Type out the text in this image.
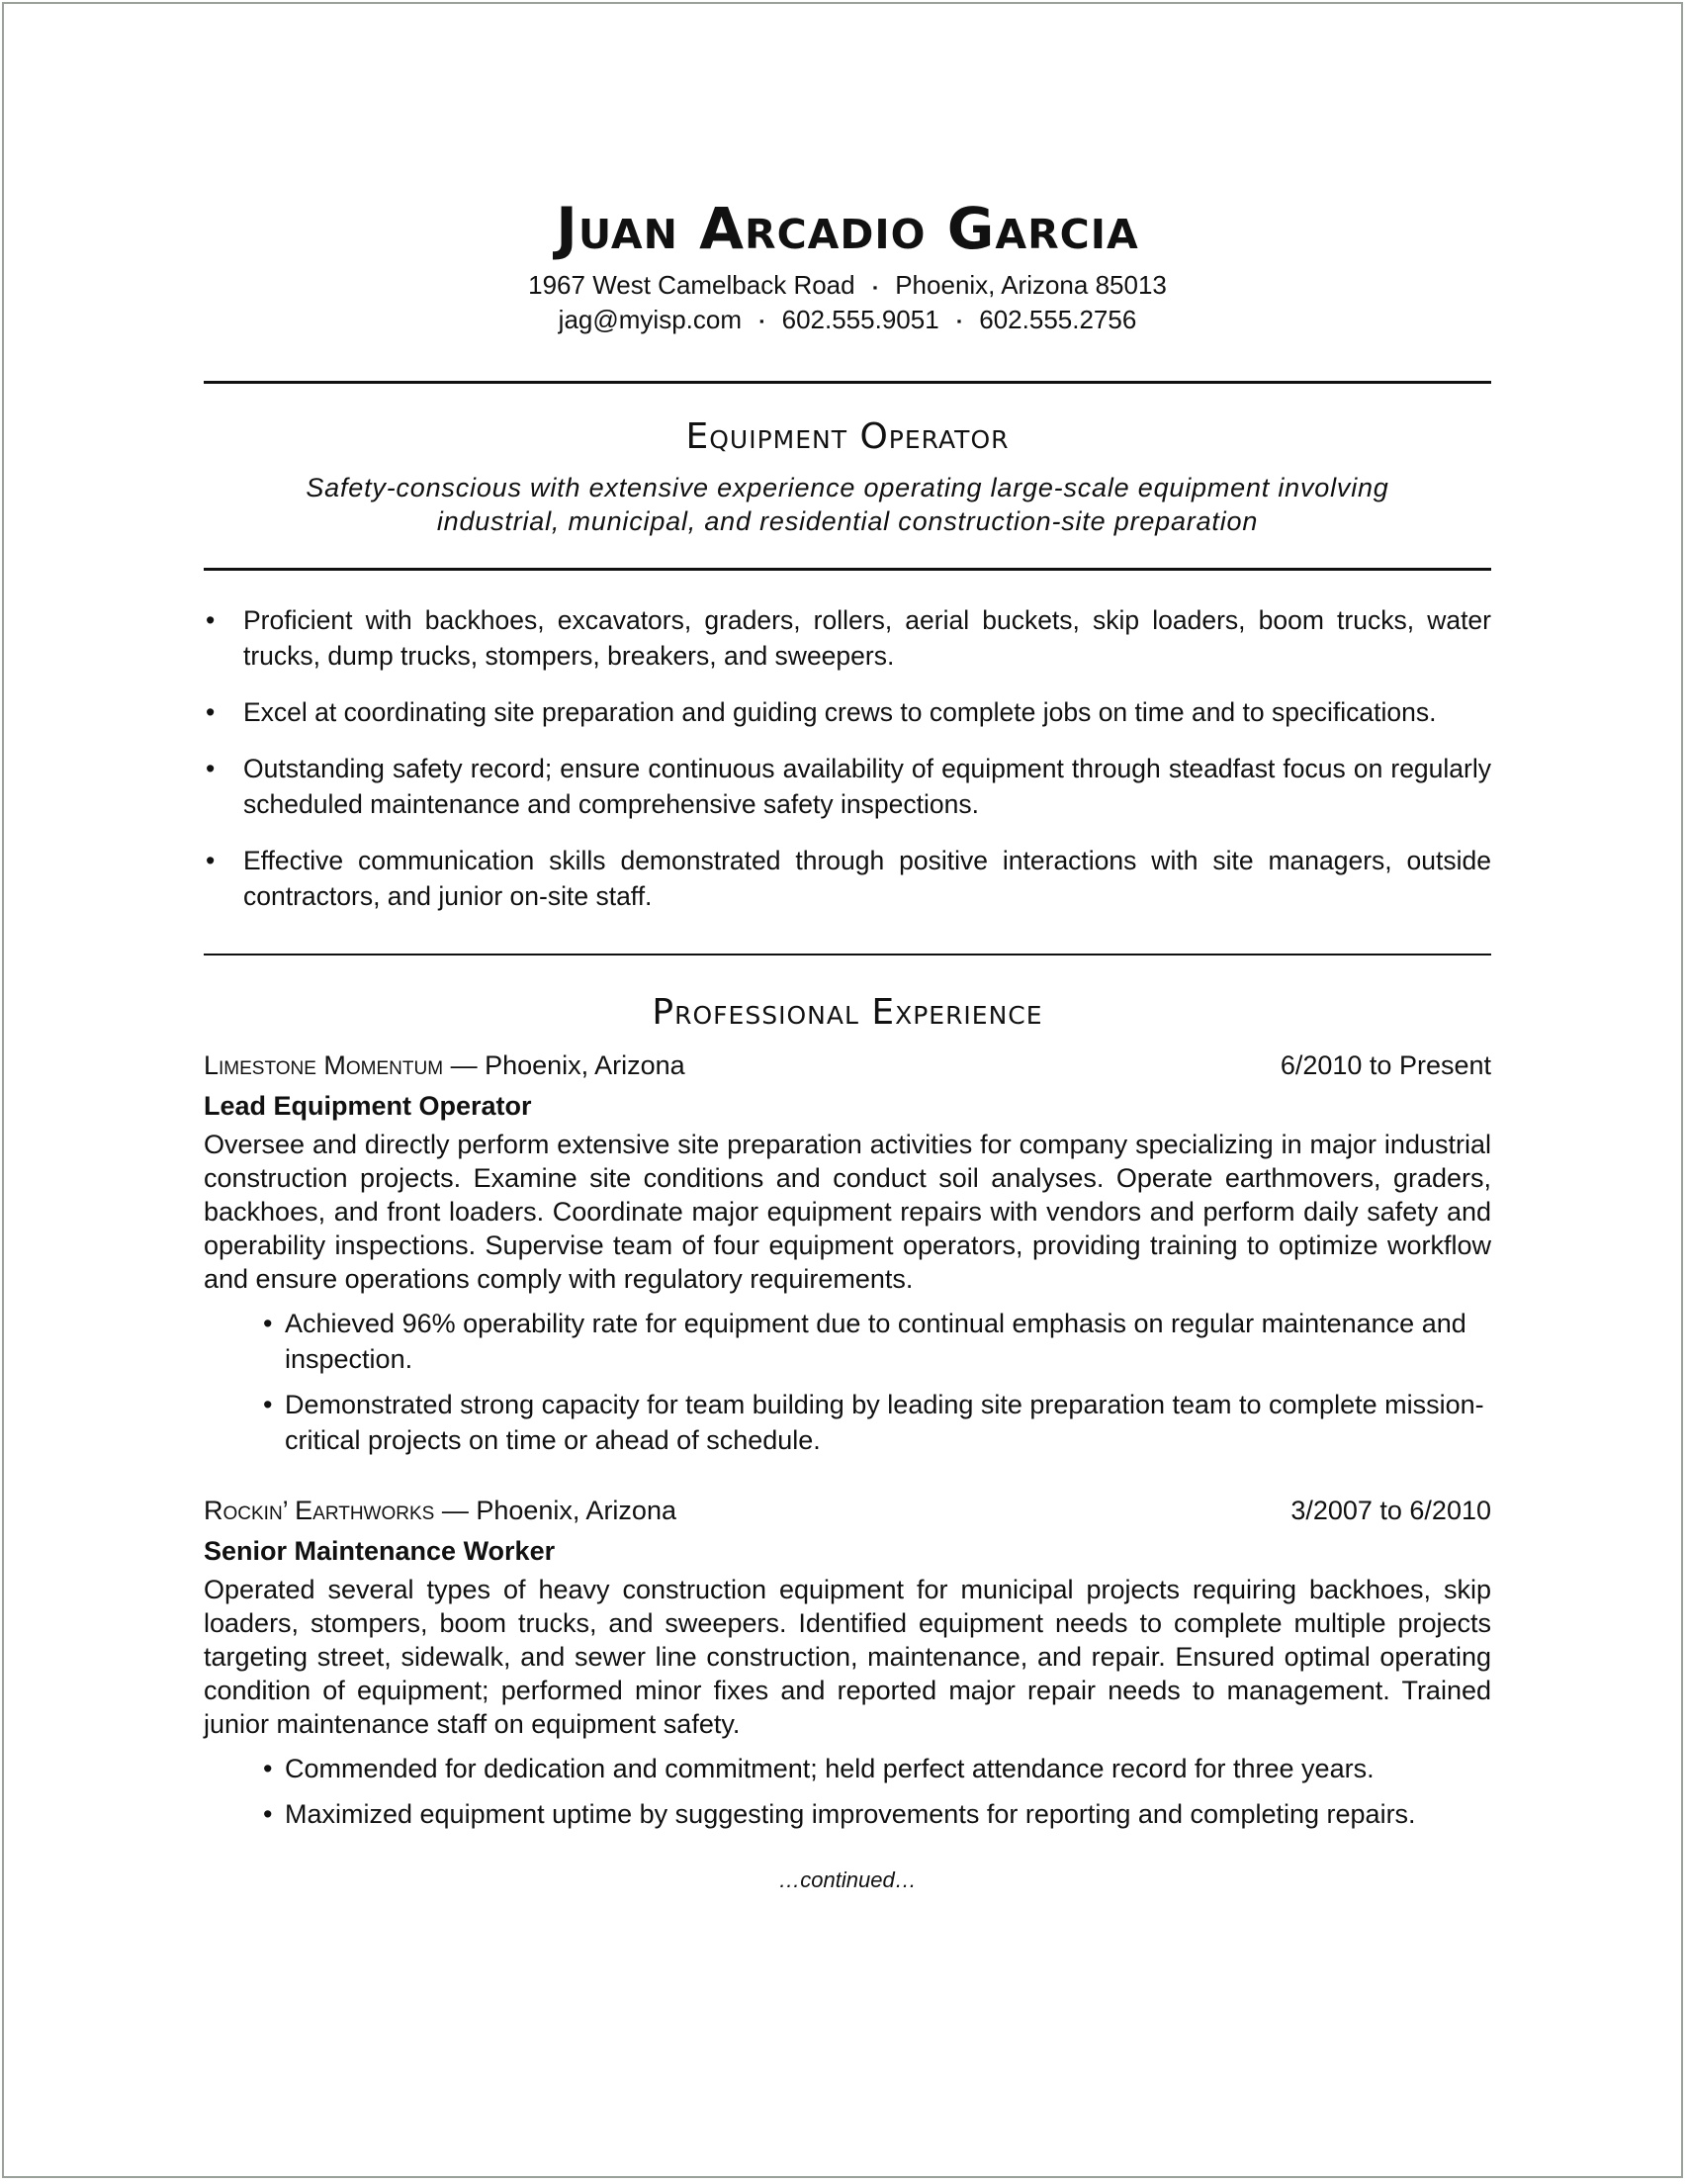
Juan Arcadio Garcia
1967 West Camelback Road ▪ Phoenix, Arizona 85013
jag@myisp.com ▪ 602.555.9051 ▪ 602.555.2756
Equipment Operator
Safety-conscious with extensive experience operating large-scale equipment involving
industrial, municipal, and residential construction-site preparation
• Proficient with backhoes, excavators, graders, rollers, aerial buckets, skip loaders, boom trucks, water trucks, dump trucks, stompers, breakers, and sweepers.
• Excel at coordinating site preparation and guiding crews to complete jobs on time and to specifications.
• Outstanding safety record; ensure continuous availability of equipment through steadfast focus on regularly scheduled maintenance and comprehensive safety inspections.
• Effective communication skills demonstrated through positive interactions with site managers, outside contractors, and junior on-site staff.
Professional Experience
Limestone Momentum — Phoenix, Arizona	6/2010 to Present
Lead Equipment Operator
Oversee and directly perform extensive site preparation activities for company specializing in major industrial construction projects. Examine site conditions and conduct soil analyses. Operate earthmovers, graders, backhoes, and front loaders. Coordinate major equipment repairs with vendors and perform daily safety and operability inspections. Supervise team of four equipment operators, providing training to optimize workflow and ensure operations comply with regulatory requirements.
• Achieved 96% operability rate for equipment due to continual emphasis on regular maintenance and inspection.
• Demonstrated strong capacity for team building by leading site preparation team to complete mission-critical projects on time or ahead of schedule.
Rockin’ Earthworks — Phoenix, Arizona	3/2007 to 6/2010
Senior Maintenance Worker
Operated several types of heavy construction equipment for municipal projects requiring backhoes, skip loaders, stompers, boom trucks, and sweepers. Identified equipment needs to complete multiple projects targeting street, sidewalk, and sewer line construction, maintenance, and repair. Ensured optimal operating condition of equipment; performed minor fixes and reported major repair needs to management. Trained junior maintenance staff on equipment safety.
• Commended for dedication and commitment; held perfect attendance record for three years.
• Maximized equipment uptime by suggesting improvements for reporting and completing repairs.
…continued…
